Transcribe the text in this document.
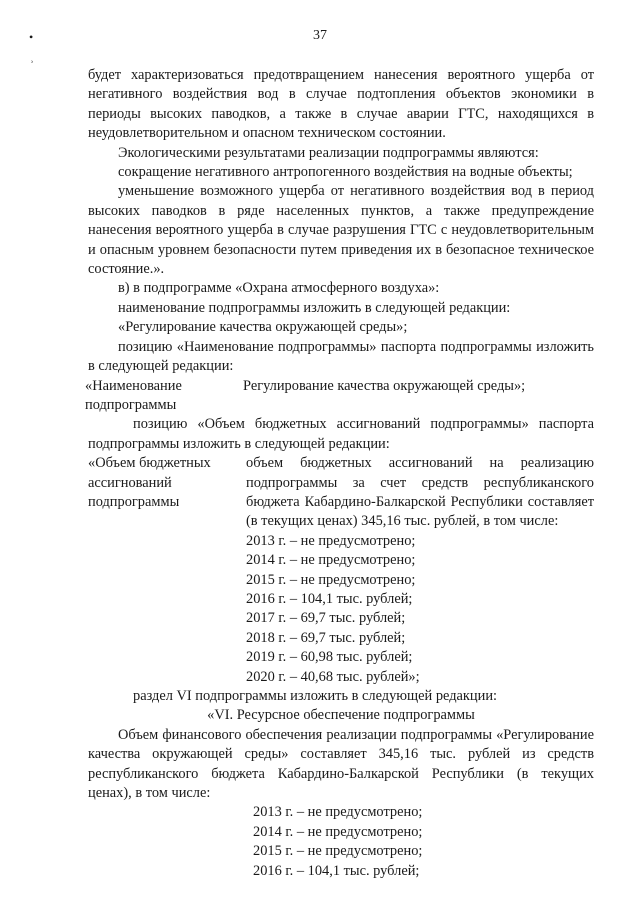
37
•
ʾ

будет характеризоваться предотвращением нанесения вероятного ущерба от негативного воздействия вод в случае подтопления объектов экономики в периоды высоких паводков, а также в случае аварии ГТС, находящихся в неудовлетворительном и опасном техническом состоянии.

Экологическими результатами реализации подпрограммы являются:

сокращение негативного антропогенного воздействия на водные объекты;

уменьшение возможного ущерба от негативного воздействия вод в период высоких паводков в ряде населенных пунктов, а также предупреждение нанесения вероятного ущерба в случае разрушения ГТС с неудовлетворительным и опасным уровнем безопасности путем приведения их в безопасное техническое состояние.».

в) в подпрограмме «Охрана атмосферного воздуха»:

наименование подпрограммы изложить в следующей редакции:

«Регулирование качества окружающей среды»;

позицию «Наименование подпрограммы» паспорта подпрограммы изложить в следующей редакции:

«Наименование подпрограммы
Регулирование качества окружающей среды»;

позицию «Объем бюджетных ассигнований подпрограммы» паспорта подпрограммы изложить в следующей редакции:

«Объем бюджетных ассигнований подпрограммы
объем бюджетных ассигнований на реализацию подпрограммы за счет средств республиканского бюджета Кабардино-Балкарской Республики составляет (в текущих ценах) 345,16 тыс. рублей, в том числе:
2013 г. – не предусмотрено;
2014 г. – не предусмотрено;
2015 г. – не предусмотрено;
2016 г. – 104,1 тыс. рублей;
2017 г. – 69,7 тыс. рублей;
2018 г. – 69,7 тыс. рублей;
2019 г. – 60,98 тыс. рублей;
2020 г. – 40,68 тыс. рублей»;

раздел VI подпрограммы изложить в следующей редакции:

«VI. Ресурсное обеспечение подпрограммы

Объем финансового обеспечения реализации подпрограммы «Регулирование качества окружающей среды» составляет 345,16 тыс. рублей из средств республиканского бюджета Кабардино-Балкарской Республики (в текущих ценах), в том числе:

2013 г. – не предусмотрено;
2014 г. – не предусмотрено;
2015 г. – не предусмотрено;
2016 г. – 104,1 тыс. рублей;
